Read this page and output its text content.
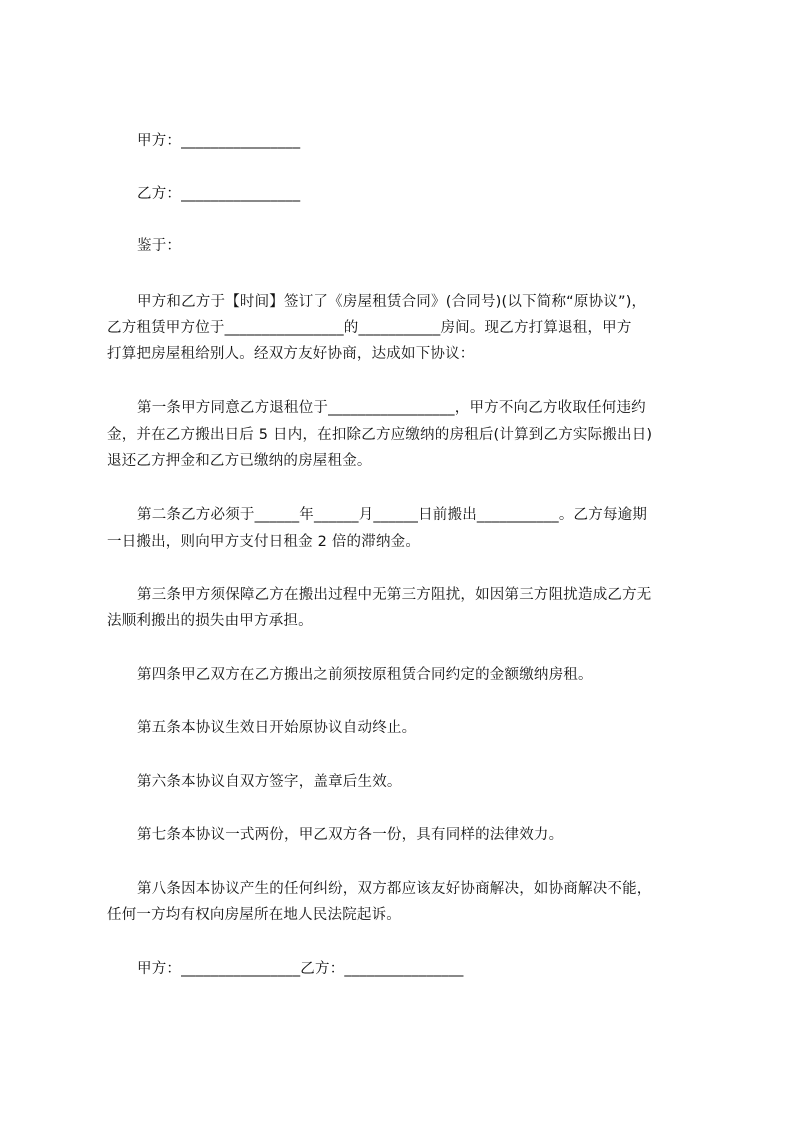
甲方：________________
乙方：________________
鉴于：
甲方和乙方于【时间】签订了《房屋租赁合同》(合同号)(以下简称“原协议”)，
乙方租赁甲方位于________________的___________房间。现乙方打算退租，甲方
打算把房屋租给别人。经双方友好协商，达成如下协议：
第一条甲方同意乙方退租位于_________________，甲方不向乙方收取任何违约
金，并在乙方搬出日后 5 日内，在扣除乙方应缴纳的房租后(计算到乙方实际搬出日)
退还乙方押金和乙方已缴纳的房屋租金。
第二条乙方必须于______年______月______日前搬出___________。乙方每逾期
一日搬出，则向甲方支付日租金 2 倍的滞纳金。
第三条甲方须保障乙方在搬出过程中无第三方阻扰，如因第三方阻扰造成乙方无
法顺利搬出的损失由甲方承担。
第四条甲乙双方在乙方搬出之前须按原租赁合同约定的金额缴纳房租。
第五条本协议生效日开始原协议自动终止。
第六条本协议自双方签字，盖章后生效。
第七条本协议一式两份，甲乙双方各一份，具有同样的法律效力。
第八条因本协议产生的任何纠纷，双方都应该友好协商解决，如协商解决不能，
任何一方均有权向房屋所在地人民法院起诉。
甲方：________________乙方：________________
